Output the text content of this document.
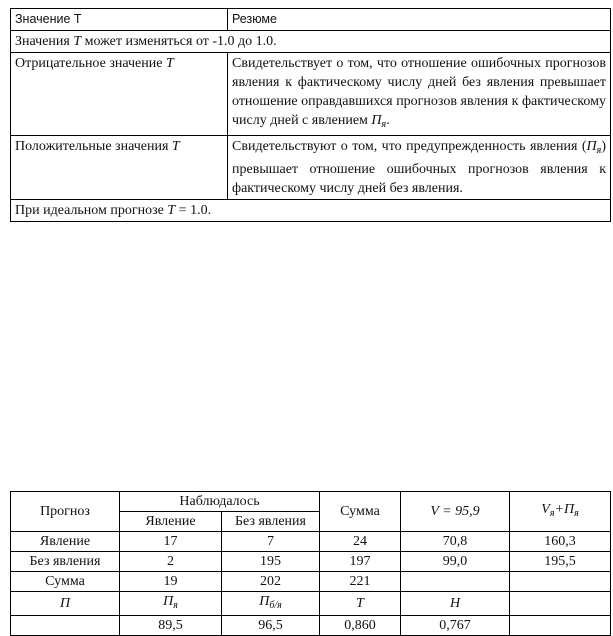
Значение Т	Резюме
Значения T может изменяться от -1.0 до 1.0.	
Отрицательное значение T	Свидетельствует о том, что отношение ошибочных прогнозов явления к фактическому числу дней без явления превышает отношение оправдавшихся прогнозов явления к фактическому числу дней с явлением $П_я$.
Положительные значения T	Свидетельствуют о том, что предупрежденность явления $(П_я)$ превышает отношение ошибочных прогнозов явления к фактическому числу дней без явления.
При идеальном прогнозе T = 1.0.	
Прогноз	Наблюдалось		Сумма	V = 95,9	$V_я+П_я$
	Явление	Без явления			
Явление	17	7	24	70,8	160,3
Без явления	2	195	197	99,0	195,5
Сумма	19	202	221		
П	$П_я$	$П_{б/я}$	T	H	
	89,5	96,5	0,860	0,767	
